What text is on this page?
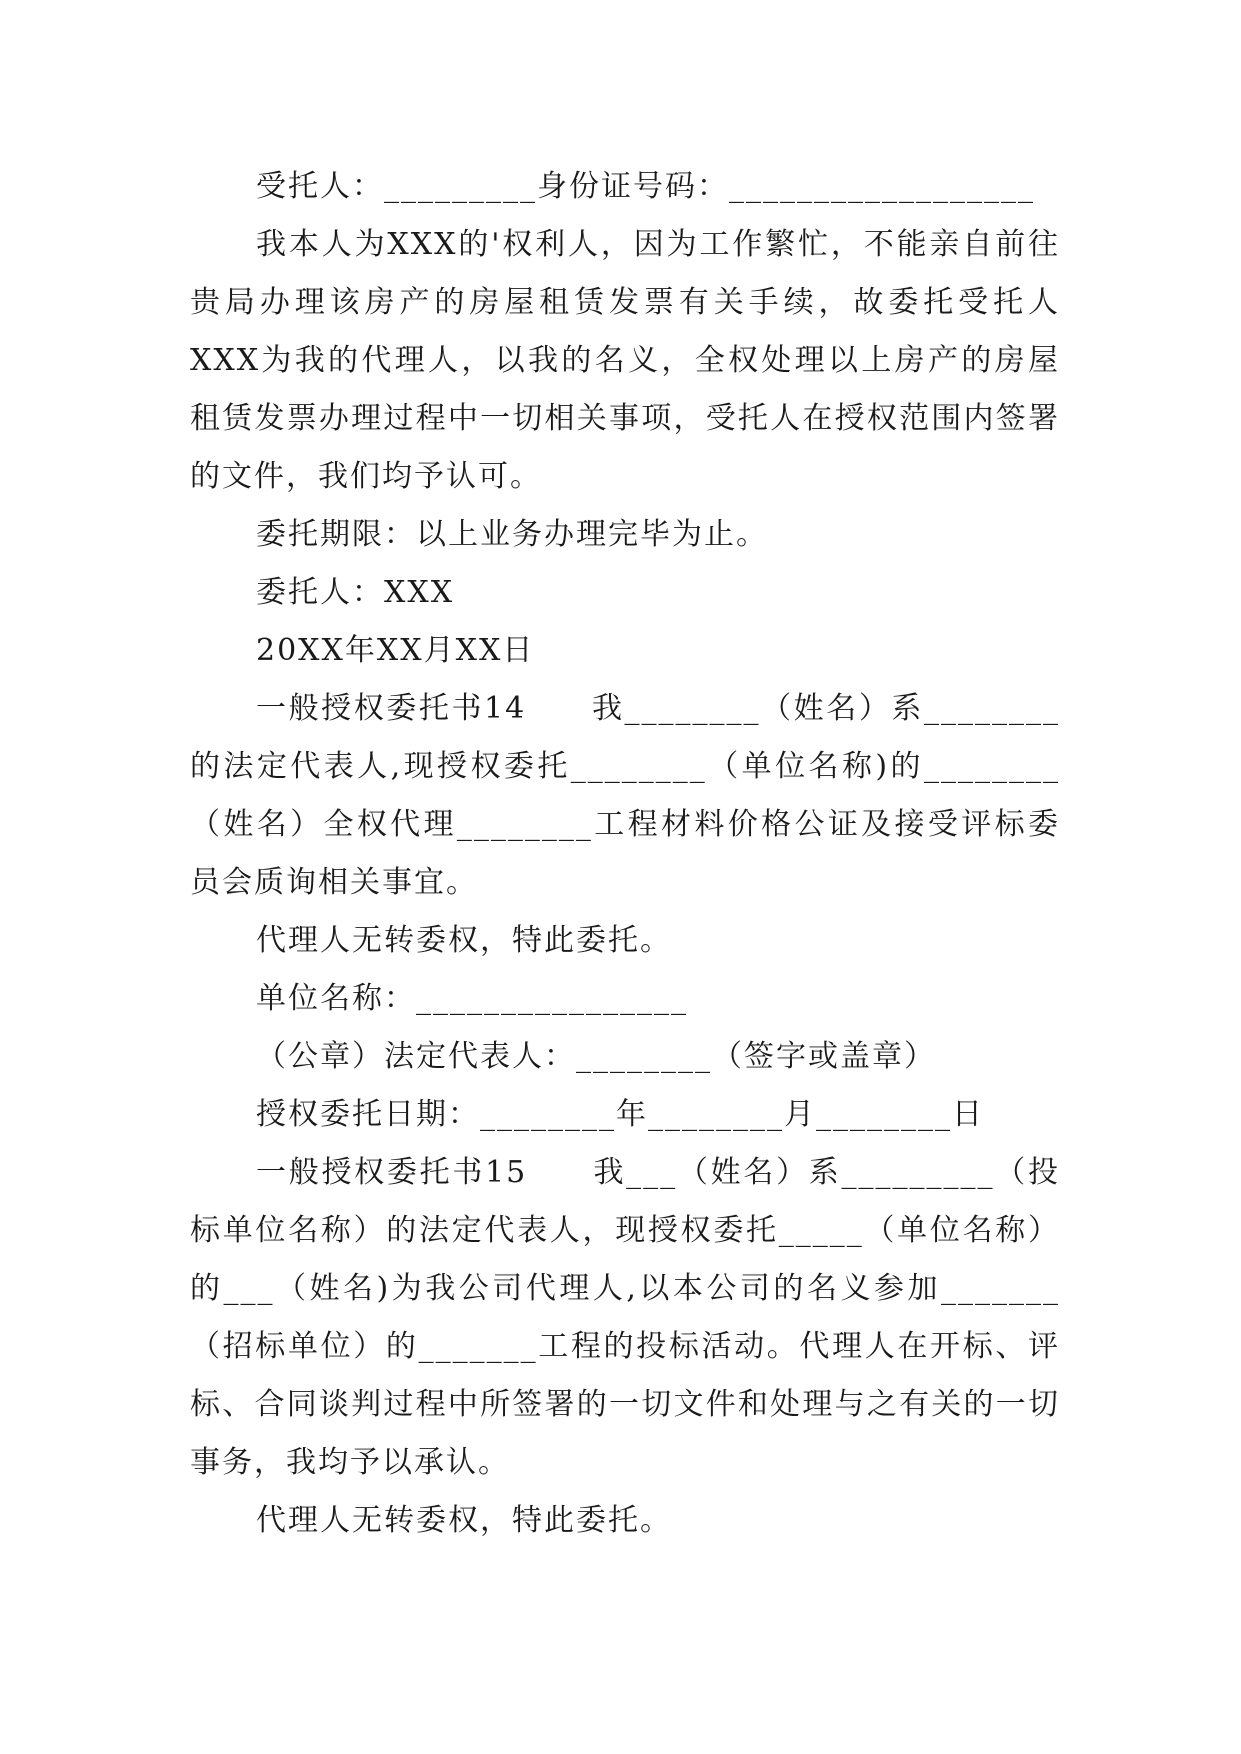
受托人：_________身份证号码：__________________

我本人为XXX的'权利人，因为工作繁忙，不能亲自前往贵局办理该房产的房屋租赁发票有关手续，故委托受托人XXX为我的代理人，以我的名义，全权处理以上房产的房屋租赁发票办理过程中一切相关事项，受托人在授权范围内签署的文件，我们均予认可。

委托期限：以上业务办理完毕为止。

委托人：XXX

20XX年XX月XX日

一般授权委托书14　　我________（姓名）系________的法定代表人,现授权委托________（单位名称)的________（姓名）全权代理________工程材料价格公证及接受评标委员会质询相关事宜。

代理人无转委权，特此委托。

单位名称：________________

（公章）法定代表人：________（签字或盖章）

授权委托日期：________年________月________日

一般授权委托书15　　我___（姓名）系_________（投标单位名称）的法定代表人，现授权委托_____（单位名称）的___（姓名)为我公司代理人,以本公司的名义参加_______（招标单位）的_______工程的投标活动。代理人在开标、评标、合同谈判过程中所签署的一切文件和处理与之有关的一切事务，我均予以承认。

代理人无转委权，特此委托。
